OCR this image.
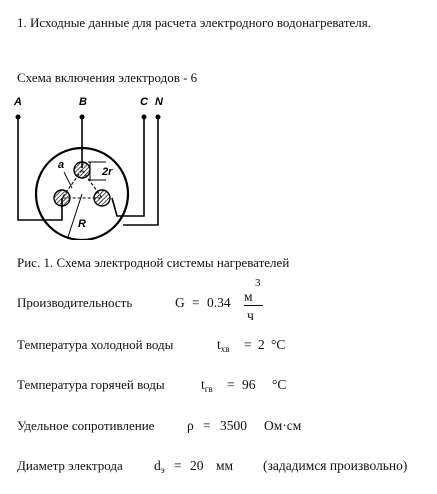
1. Исходные данные для расчета электродного водонагревателя.
Схема включения электродов - 6
A	B	C N
2r
a
R
Рис. 1. Схема электродной системы нагревателей
Производительность	G = 0.34 м
3
ч
Температура холодной воды	$t_{хв} = 2$ °C
Температура горячей воды	$t_{гв} = 96$ °C
Удельное сопротивление ρ = 3500 Ом·см
Диаметр электрода $d_э = 20$ мм (зададимся произвольно)
